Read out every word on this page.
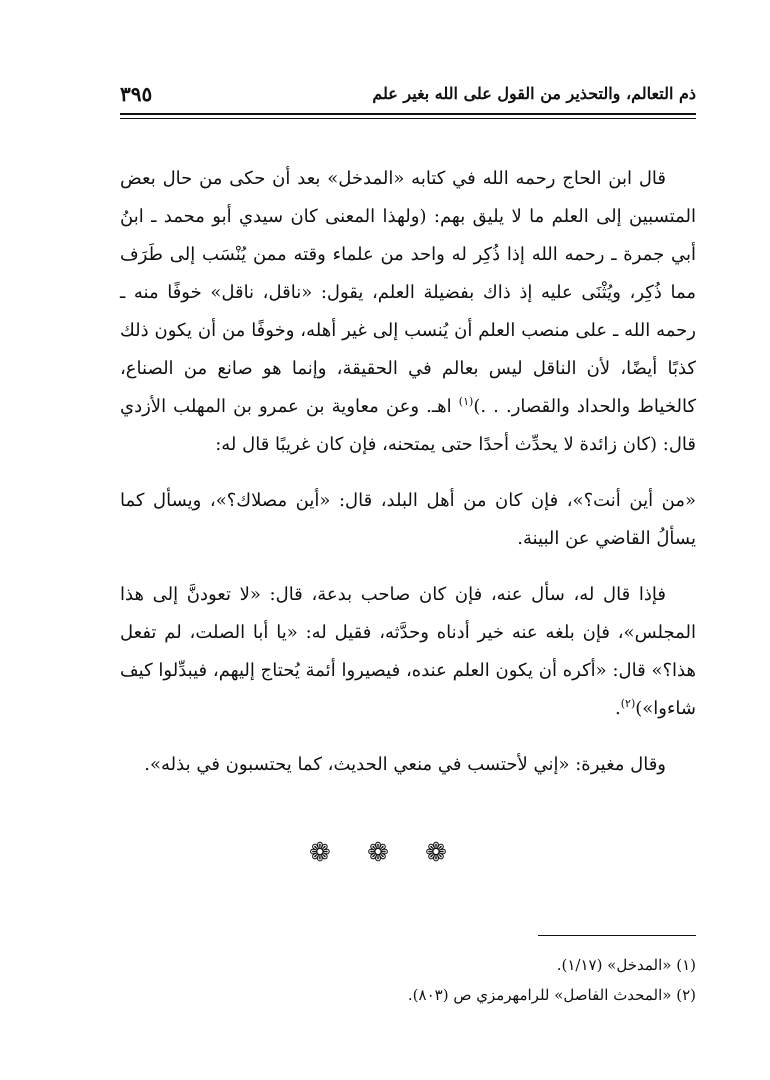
ذم التعالم، والتحذير من القول على الله بغير علم
٣٩٥

قال ابن الحاج رحمه الله في كتابه «المدخل» بعد أن حكى من حال بعض المتسبين إلى العلم ما لا يليق بهم: (ولهذا المعنى كان سيدي أبو محمد ـ ابنُ أبي جمرة ـ رحمه الله إذا ذُكِر له واحد من علماء وقته ممن يُنْسَب إلى طَرَف مما ذُكِر، ويُثْنَى عليه إذ ذاك بفضيلة العلم، يقول: «ناقل، ناقل» خوفًا منه ـ رحمه الله ـ على منصب العلم أن يُنسب إلى غير أهله، وخوفًا من أن يكون ذلك كذبًا أيضًا، لأن الناقل ليس بعالم في الحقيقة، وإنما هو صانع من الصناع، كالخياط والحداد والقصار. . .)$^{(١)}$ اهـ. وعن معاوية بن عمرو بن المهلب الأزدي قال: (كان زائدة لا يحدِّث أحدًا حتى يمتحنه، فإن كان غريبًا قال له:

«من أين أنت؟»، فإن كان من أهل البلد، قال: «أين مصلاك؟»، ويسأل كما يسألُ القاضي عن البينة.

فإذا قال له، سأل عنه، فإن كان صاحب بدعة، قال: «لا تعودنَّ إلى هذا المجلس»، فإن بلغه عنه خير أدناه وحدَّثه، فقيل له: «يا أبا الصلت، لم تفعل هذا؟» قال: «أكره أن يكون العلم عنده، فيصيروا أئمة يُحتاج إليهم، فيبدِّلوا كيف شاءوا»)$^{(٢)}$.

وقال مغيرة: «إني لأحتسب في منعي الحديث، كما يحتسبون في بذله».

❁ ❁ ❁
(١) «المدخل» (١/١٧).
(٢) «المحدث الفاصل» للرامهرمزي ص (٨٠٣).
